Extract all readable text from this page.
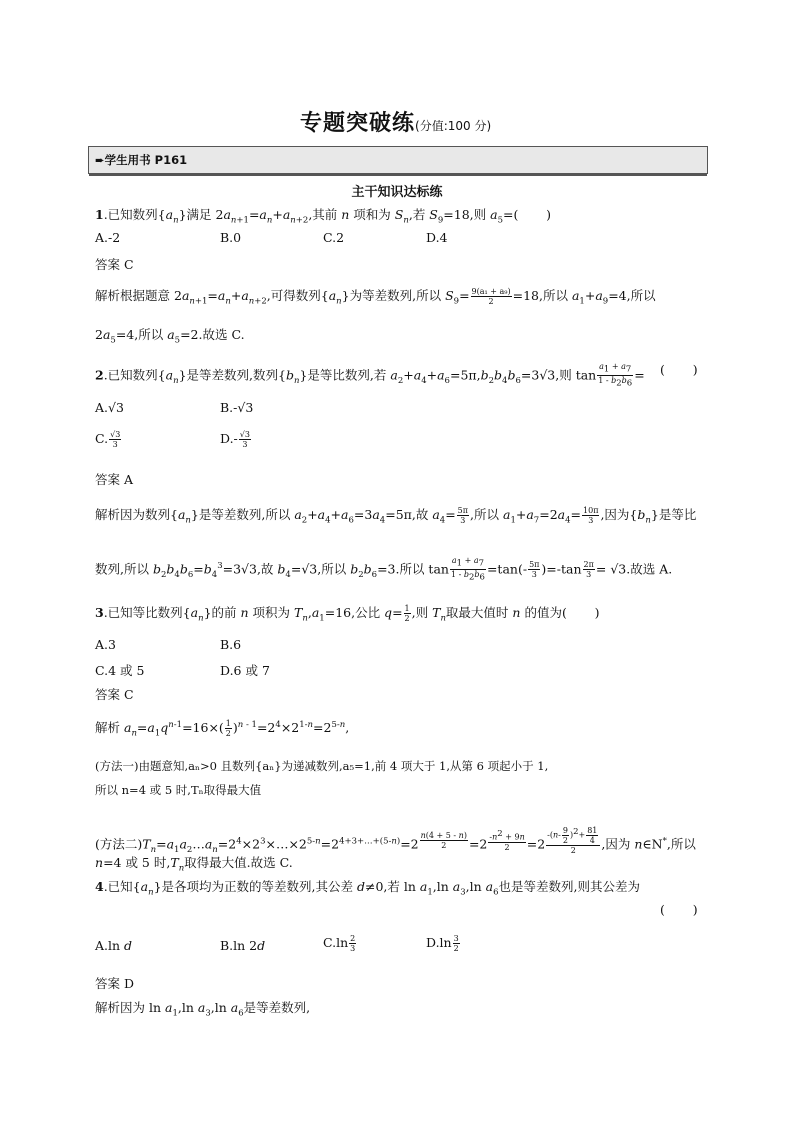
专题突破练(分值:100 分)
➨学生用书 P161
主干知识达标练
1.已知数列$\{a_n\}$满足 $2a_{n+1}=a_n+a_{n+2}$,其前 n 项和为 $S_n$,若 $S_9=18$,则 $a_5=$(       )
A.-2	B.0	C.2	D.4
答案 C
解析根据题意 $2a_{n+1}=a_n+a_{n+2}$,可得数列$\{a_n\}$为等差数列,所以 $S_9= \frac{\text{9(a₁ + a₉)}}{2} =18$,所以 $a_1+a_9=4$,所以
$2a_5=4$,所以 $a_5=2$.故选 C.
2.已知数列$\{a_n\}$是等差数列,数列$\{b_n\}$是等比数列,若 $a_2+a_4+a_6=5\pi,b_2b_4b_6=3√3$,则 $\tan \frac{a_1 + a_7}{1 - b_2b_6}$ = (       )
A.√3	B.-√3
C. $\frac{√3}{3}$	$D.- \frac{√3}{3}$
答案 A
解析因为数列$\{a_n\}$是等差数列,所以 $a_2+a_4+a_6=3a_4=5\pi$,故 $a_4= \frac{5\pi}{3}$ ,所以 $a_1+a_7=2a_4= \frac{10\pi}{3}$ ,因为$\{b_n\}$是等比
数列,所以 $b_2b_4b_6=b_4^3=3√3$,故 $b_4=√3$,所以 $b_2b_6=3$.所以 $\tan \frac{a_1 + a_7}{1 - b_2b_6} =\tan(- \frac{5\pi}{3} )=-\tan \frac{2\pi}{3} = √3$.故选 A.
3.已知等比数列$\{a_n\}$的前 n 项积为 $T_n,a_1=16$,公比 $q= \frac{1}{2}$ ,则 $T_n$取最大值时 n 的值为(       )
A.3	B.6
C.4 或 5	D.6 或 7
答案 C
解析 $a_n=a_1q^{n-1}=16\times( \frac{1}{2} )^{n - 1}=2^4\times 2^{1-n}=2^{5-n}$,
(方法一)由题意知,aₙ>0 且数列{aₙ}为递减数列,a₅=1,前 4 项大于 1,从第 6 项起小于 1,
所以 n=4 或 5 时,Tₙ取得最大值
(方法二)$T_n=a_1a_2\dots a_n=2^4\times 2^3\times\dots\times 2^{5-n}=2^{4+3+\dots+(5-n)}=2$ $^{\frac{n(4 + 5 - n)}{2}}$ =2 $^{\frac{-n^2 + 9n}{2}}$ =2 $^{\frac{-(n- \frac{9}{2} )^2+ \frac{81}{4}}{2}}$ ,因为 n∈N*,所以
n=4 或 5 时$,T_n$取得最大值.故选 C.
4.已知$\{a_n\}$是各项均为正数的等差数列,其公差 d≠0,若 $\ln a_1,\ln$ $a_3,\ln$ $a_6$也是等差数列,则其公差为
(       )
A.ln d	B.ln 2d	$C.\ln \frac{2}{3}$	$D.\ln \frac{3}{2}$
答案 D
解析因为 $\ln a_1,\ln$ $a_3,\ln$ $a_6$是等差数列,
